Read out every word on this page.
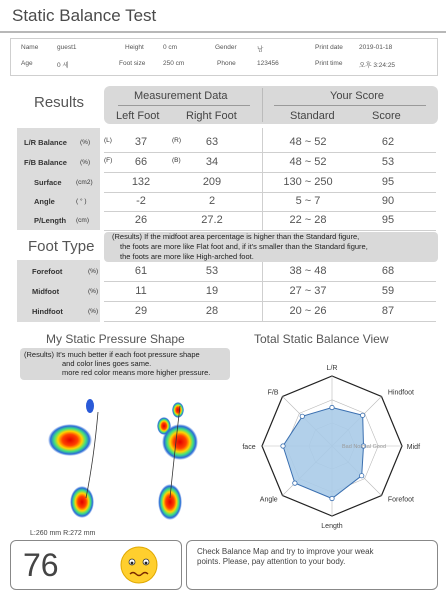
Static Balance Test
Name	guest1
Age	0 세
Height	0 cm
Foot size	250 cm
Gender	남
Phone	123456
Print date 2019-01-18
Print time	오후 3:24:25
Results	Measurement Data	Your Score
Left Foot Right Foot	Standard	Score
L/R Balance (%) (L)	37	(R)	63	48 ~ 52	62
F/B Balance (%) (F)	66	(B)	34	48 ~ 52	53
Surface (cm2)	132	209	130 ~ 250	95
Angle	( ° )	-2	2	5 ~ 7	90
P/Length (cm)	26	27.2	22 ~ 28	95
Foot Type
(Results) If the midfoot area percentage is higher than the Standard figure,
the foots are more like Flat foot and, if it's smaller than the Standard figure,
the foots are more like High-arched foot.
Forefoot	(%)	61	53	38 ~ 48	68
Midfoot	(%)	11	19	27 ~ 37	59
Hindfoot	(%)	29	28	20 ~ 26	87
My Static Pressure Shape
(Results) It's much better if each foot pressure shape
and color lines goes same.
more red color means more higher pressure.
L:260 mm R:272 mm
Total Static Balance View
L/R
Hindfoot
Midf
Forefoot
Length
Angle
face
F/B
Bad Normal Good
76	Check Balance Map and try to improve your weak
points. Please, pay attention to your body.
